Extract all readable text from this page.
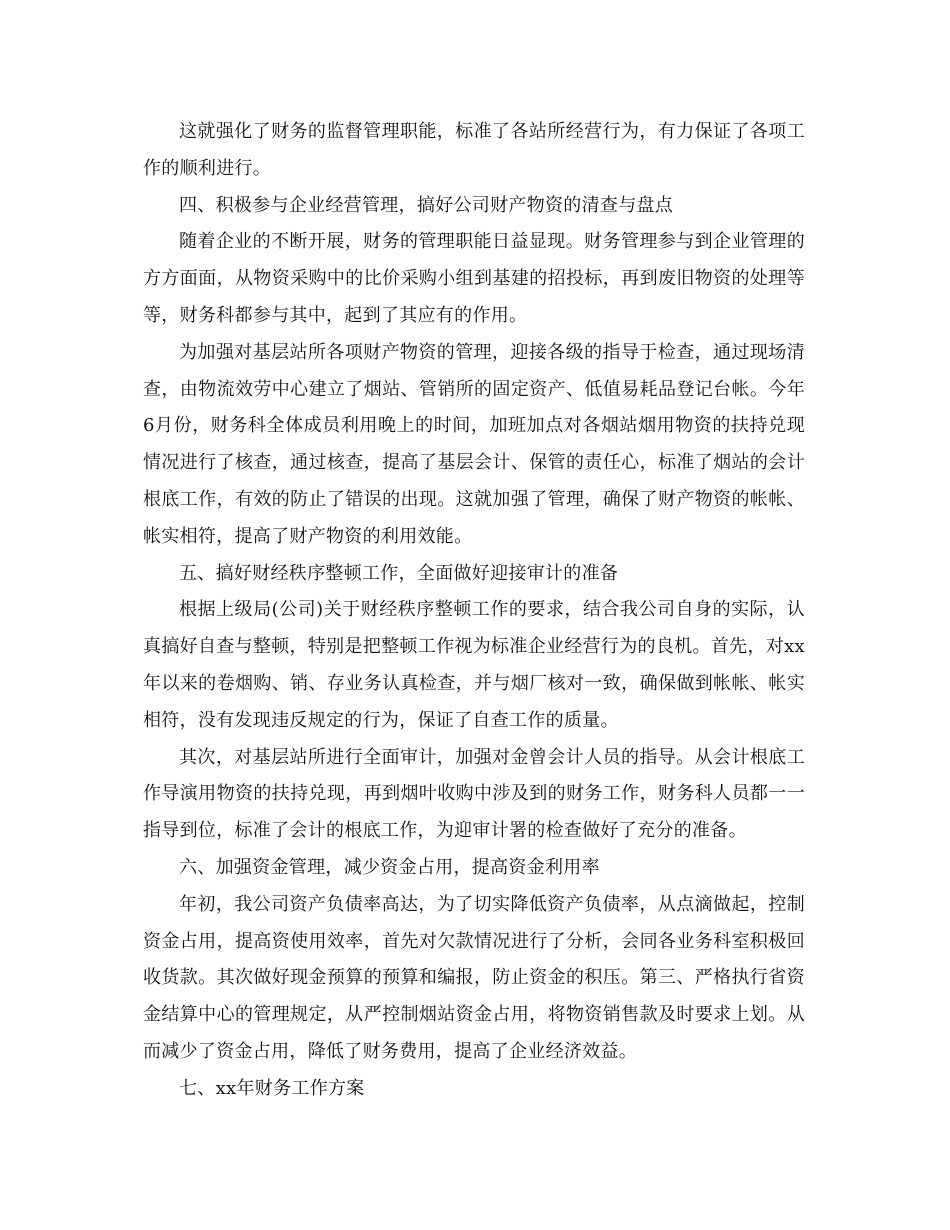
这就强化了财务的监督管理职能，标准了各站所经营行为，有力保证了各项工作的顺利进行。

四、积极参与企业经营管理，搞好公司财产物资的清查与盘点

随着企业的不断开展，财务的管理职能日益显现。财务管理参与到企业管理的方方面面，从物资采购中的比价采购小组到基建的招投标，再到废旧物资的处理等等，财务科都参与其中，起到了其应有的作用。

为加强对基层站所各项财产物资的管理，迎接各级的指导于检查，通过现场清查，由物流效劳中心建立了烟站、管销所的固定资产、低值易耗品登记台帐。今年6月份，财务科全体成员利用晚上的时间，加班加点对各烟站烟用物资的扶持兑现情况进行了核查，通过核查，提高了基层会计、保管的责任心，标准了烟站的会计根底工作，有效的防止了错误的出现。这就加强了管理，确保了财产物资的帐帐、帐实相符，提高了财产物资的利用效能。

五、搞好财经秩序整顿工作，全面做好迎接审计的准备

根据上级局(公司)关于财经秩序整顿工作的要求，结合我公司自身的实际，认真搞好自查与整顿，特别是把整顿工作视为标准企业经营行为的良机。首先，对xx年以来的卷烟购、销、存业务认真检查，并与烟厂核对一致，确保做到帐帐、帐实相符，没有发现违反规定的行为，保证了自查工作的质量。

其次，对基层站所进行全面审计，加强对金曾会计人员的指导。从会计根底工作导演用物资的扶持兑现，再到烟叶收购中涉及到的财务工作，财务科人员都一一指导到位，标准了会计的根底工作，为迎审计署的检查做好了充分的准备。

六、加强资金管理，减少资金占用，提高资金利用率

年初，我公司资产负债率高达，为了切实降低资产负债率，从点滴做起，控制资金占用，提高资使用效率，首先对欠款情况进行了分析，会同各业务科室积极回收货款。其次做好现金预算的预算和编报，防止资金的积压。第三、严格执行省资金结算中心的管理规定，从严控制烟站资金占用，将物资销售款及时要求上划。从而减少了资金占用，降低了财务费用，提高了企业经济效益。

七、xx年财务工作方案
